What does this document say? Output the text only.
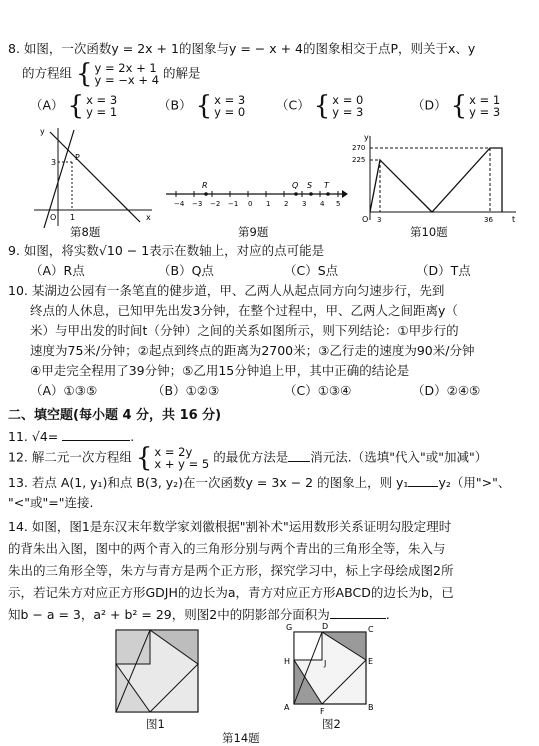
8. 如图，一次函数y = 2x + 1的图象与y = − x + 4的图象相交于点P，则关于x、y
的方程组 { y = 2x + 1
y = −x + 4 的解是
（A） { x = 3
y = 1	（B） { x = 3
y = 0 （C） { x = 0
y = 3	（D） { x = 1
y = 3
y
x
O
P
3
1
第8题
−4 −3 −2 −1 0 1 2 3 4 5
R	Q S T
第9题
y
t
O
270
225
3	36
第10题
9. 如图，将实数√10 − 1表示在数轴上，对应的点可能是
（A）R点	（B）Q点	（C）S点	（D）T点
10. 某湖边公园有一条笔直的健步道，甲、乙两人从起点同方向匀速步行，先到
终点的人休息，已知甲先出发3分钟，在整个过程中，甲、乙两人之间距离y（
米）与甲出发的时间t（分钟）之间的关系如图所示，则下列结论：①甲步行的
速度为75米/分钟；②起点到终点的距离为2700米；③乙行走的速度为90米/分钟
④甲走完全程用了39分钟；⑤乙用15分钟追上甲，其中正确的结论是
（A）①③⑤	（B）①②③	（C）①③④	（D）②④⑤
二、填空题(每小题 4 分，共 16 分)
11. √4=	.
12. 解二元一次方程组 { x = 2y
x + y = 5 的最优方法是 消元法.（选填"代入"或"加减"）
13. 若点 A(1, y₁)和点 B(3, y₂)在一次函数y = 3x − 2 的图象上，则 y₁ y₂（用">"、
"<"或"="连接.
14. 如图，图1是东汉末年数学家刘徽根据"割补术"运用数形关系证明勾股定理时
的背朱出入图，图中的两个青入的三角形分别与两个青出的三角形全等，朱入与
朱出的三角形全等，朱方与青方是两个正方形，探究学习中，标上字母绘成图2所
示，若记朱方对应正方形GDJH的边长为a，青方对应正方形ABCD的边长为b，已
知b − a = 3，a² + b² = 29，则图2中的阴影部分面积为	.
图1
G	D	C
H	J
A	B
E
F
图2
第14题
